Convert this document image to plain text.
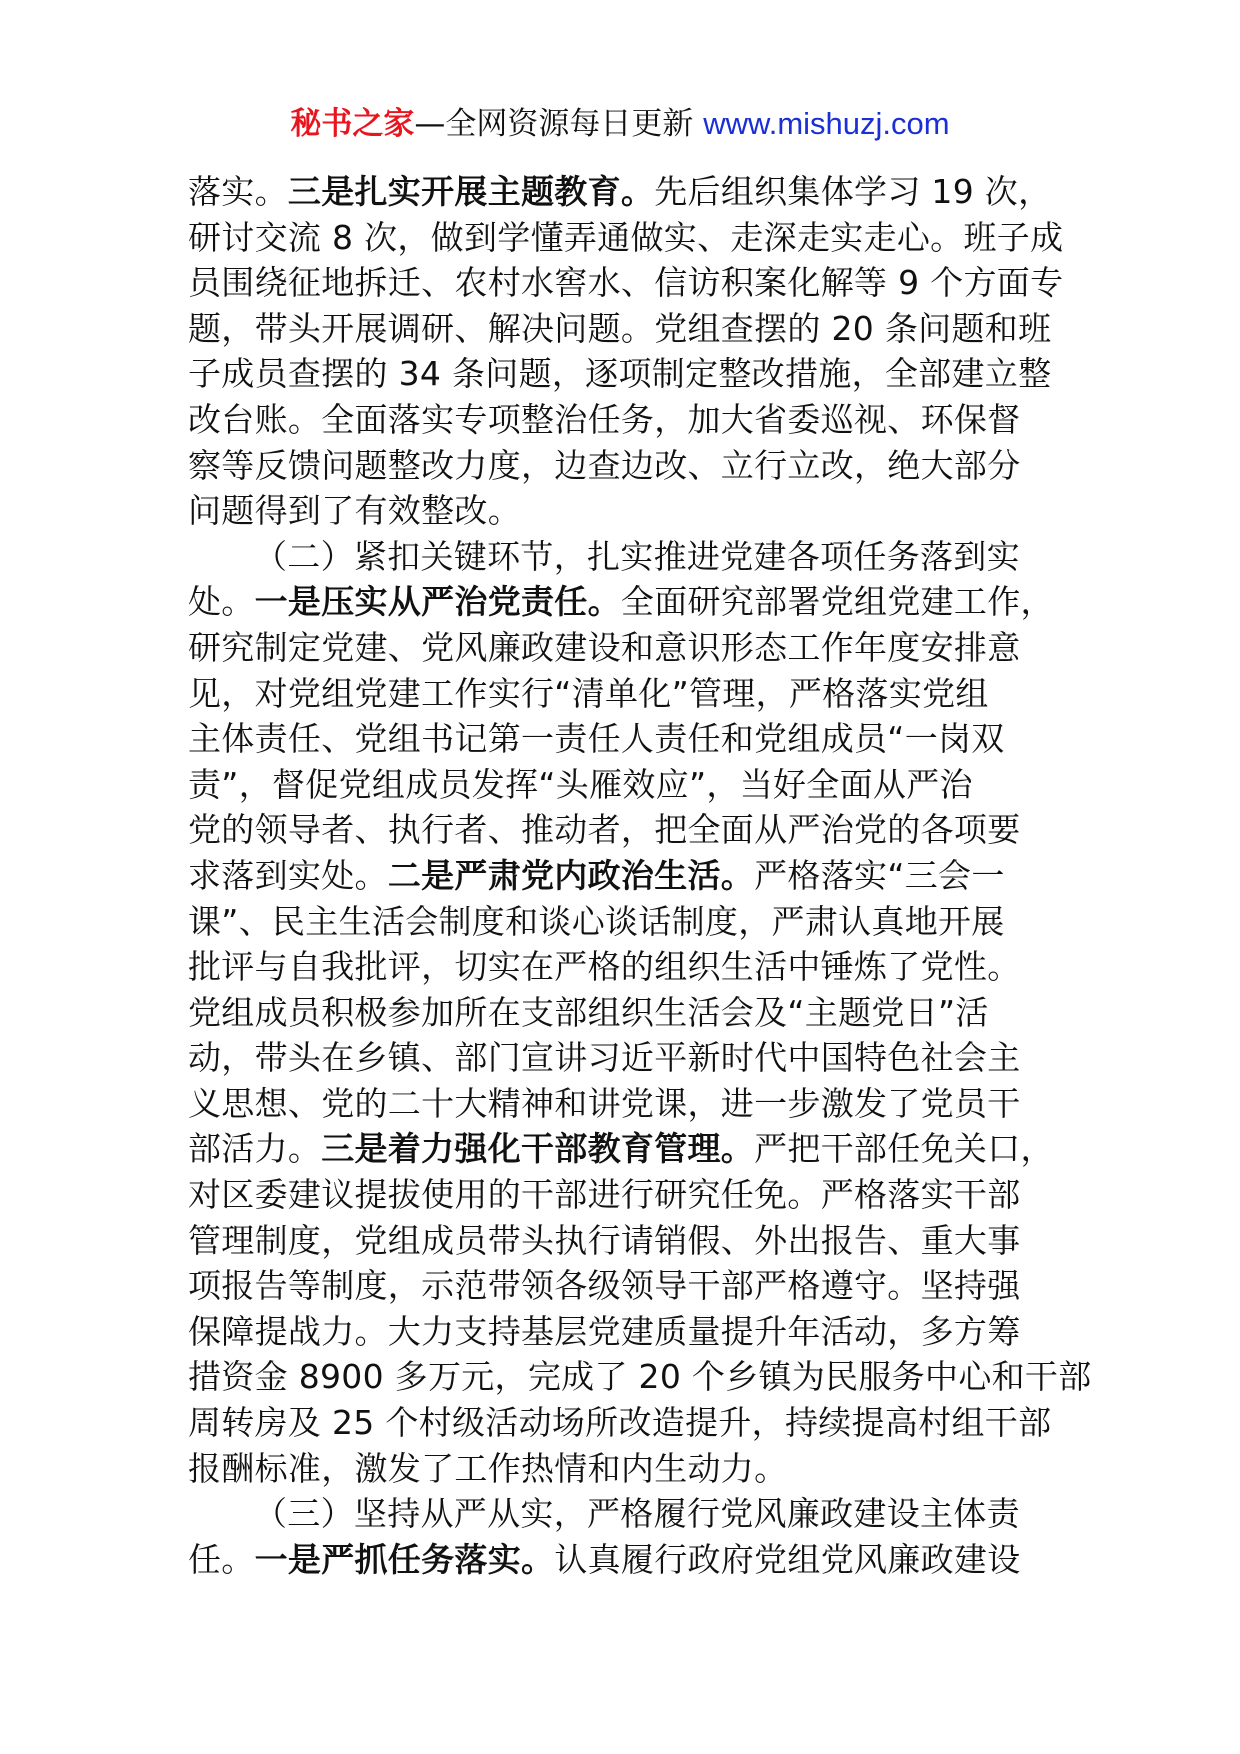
秘书之家—全网资源每日更新 www.mishuzj.com
落实。三是扎实开展主题教育。先后组织集体学习 19 次，
研讨交流 8 次，做到学懂弄通做实、走深走实走心。班子成
员围绕征地拆迁、农村水窖水、信访积案化解等 9 个方面专
题，带头开展调研、解决问题。党组查摆的 20 条问题和班
子成员查摆的 34 条问题，逐项制定整改措施，全部建立整
改台账。全面落实专项整治任务，加大省委巡视、环保督
察等反馈问题整改力度，边查边改、立行立改，绝大部分
问题得到了有效整改。
（二）紧扣关键环节，扎实推进党建各项任务落到实
处。一是压实从严治党责任。全面研究部署党组党建工作，
研究制定党建、党风廉政建设和意识形态工作年度安排意
见，对党组党建工作实行“清单化”管理，严格落实党组
主体责任、党组书记第一责任人责任和党组成员“一岗双
责”，督促党组成员发挥“头雁效应”，当好全面从严治
党的领导者、执行者、推动者，把全面从严治党的各项要
求落到实处。二是严肃党内政治生活。严格落实“三会一
课”、民主生活会制度和谈心谈话制度，严肃认真地开展
批评与自我批评，切实在严格的组织生活中锤炼了党性。
党组成员积极参加所在支部组织生活会及“主题党日”活
动，带头在乡镇、部门宣讲习近平新时代中国特色社会主
义思想、党的二十大精神和讲党课，进一步激发了党员干
部活力。三是着力强化干部教育管理。严把干部任免关口，
对区委建议提拔使用的干部进行研究任免。严格落实干部
管理制度，党组成员带头执行请销假、外出报告、重大事
项报告等制度，示范带领各级领导干部严格遵守。坚持强
保障提战力。大力支持基层党建质量提升年活动，多方筹
措资金 8900 多万元，完成了 20 个乡镇为民服务中心和干部
周转房及 25 个村级活动场所改造提升，持续提高村组干部
报酬标准，激发了工作热情和内生动力。
（三）坚持从严从实，严格履行党风廉政建设主体责
任。一是严抓任务落实。认真履行政府党组党风廉政建设
